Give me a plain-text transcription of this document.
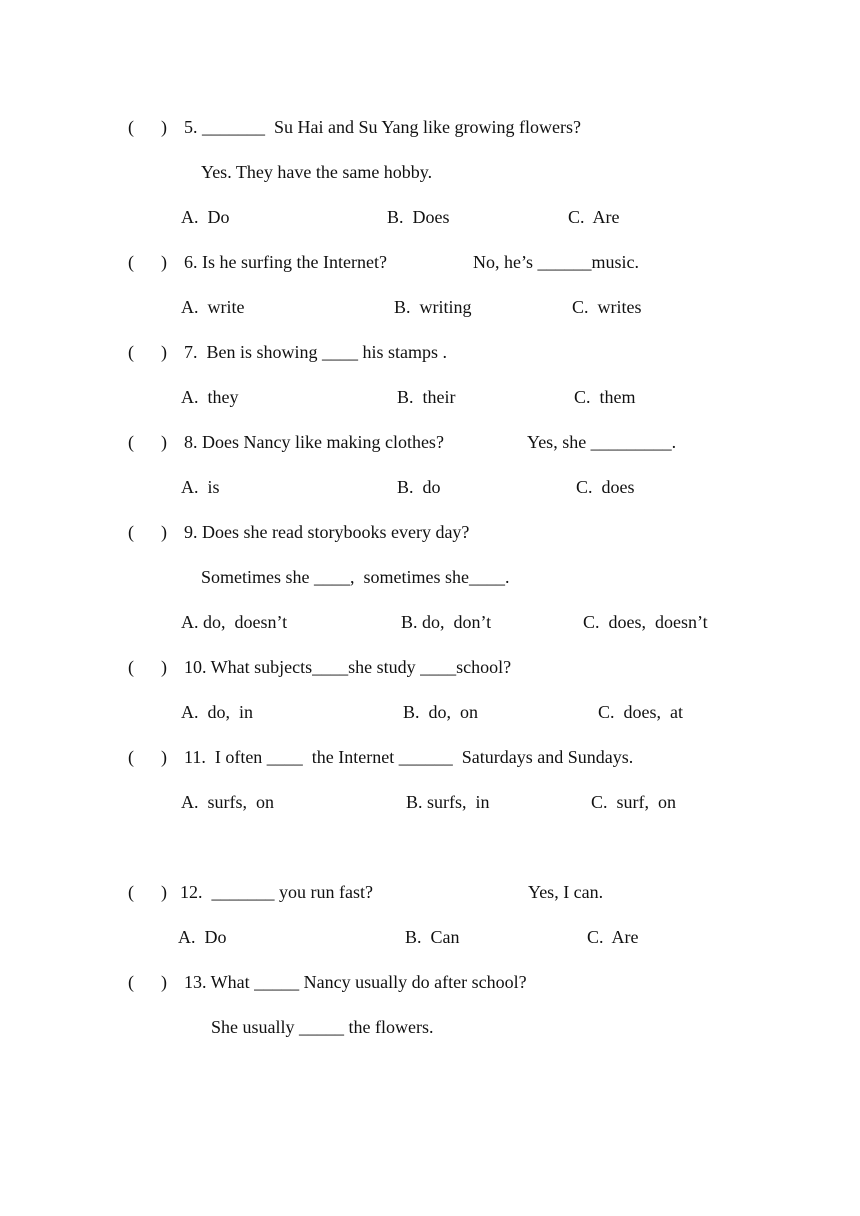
(      ) 5. _______  Su Hai and Su Yang like growing flowers?
Yes. They have the same hobby.
A.  Do	B.  Does	C.  Are
(      ) 6. Is he surfing the Internet?	No, he’s ______music.
A.  write	B.  writing	C.  writes
(      ) 7.  Ben is showing ____ his stamps .
A.  they	B.  their	C.  them
(      ) 8. Does Nancy like making clothes?	Yes, she _________.
A.  is	B.  do	C.  does
(      ) 9. Does she read storybooks every day?
Sometimes she ____,  sometimes she____.
A. do,  doesn’t	B. do,  don’t	C.  does,  doesn’t
(      ) 10. What subjects____she study ____school?
A.  do,  in	B.  do,  on	C.  does,  at
(      ) 11.  I often ____  the Internet ______  Saturdays and Sundays.
A.  surfs,  on	B. surfs,  in	C.  surf,  on
(      ) 12.  _______ you run fast?	Yes, I can.
A.  Do	B.  Can	C.  Are
(      ) 13. What _____ Nancy usually do after school?
She usually _____ the flowers.
